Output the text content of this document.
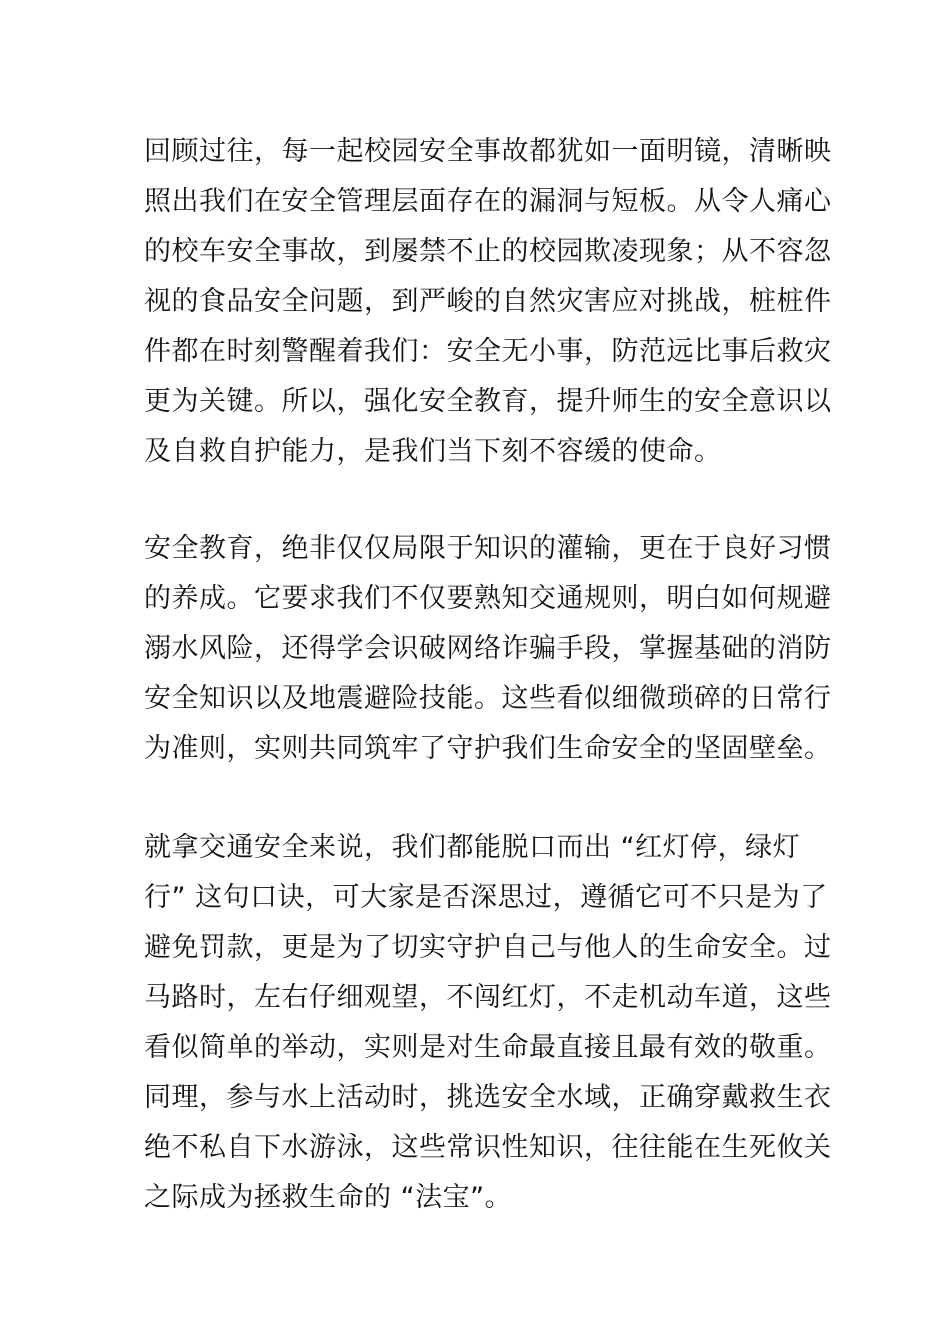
回顾过往，每一起校园安全事故都犹如一面明镜，清晰映
照出我们在安全管理层面存在的漏洞与短板。从令人痛心
的校车安全事故，到屡禁不止的校园欺凌现象；从不容忽
视的食品安全问题，到严峻的自然灾害应对挑战，桩桩件
件都在时刻警醒着我们：安全无小事，防范远比事后救灾
更为关键。所以，强化安全教育，提升师生的安全意识以
及自救自护能力，是我们当下刻不容缓的使命。
安全教育，绝非仅仅局限于知识的灌输，更在于良好习惯
的养成。它要求我们不仅要熟知交通规则，明白如何规避
溺水风险，还得学会识破网络诈骗手段，掌握基础的消防
安全知识以及地震避险技能。这些看似细微琐碎的日常行
为准则，实则共同筑牢了守护我们生命安全的坚固壁垒。
就拿交通安全来说，我们都能脱口而出 “红灯停，绿灯
行” 这句口诀，可大家是否深思过，遵循它可不只是为了
避免罚款，更是为了切实守护自己与他人的生命安全。过
马路时，左右仔细观望，不闯红灯，不走机动车道，这些
看似简单的举动，实则是对生命最直接且最有效的敬重。
同理，参与水上活动时，挑选安全水域，正确穿戴救生衣
绝不私自下水游泳，这些常识性知识，往往能在生死攸关
之际成为拯救生命的 “法宝”。
